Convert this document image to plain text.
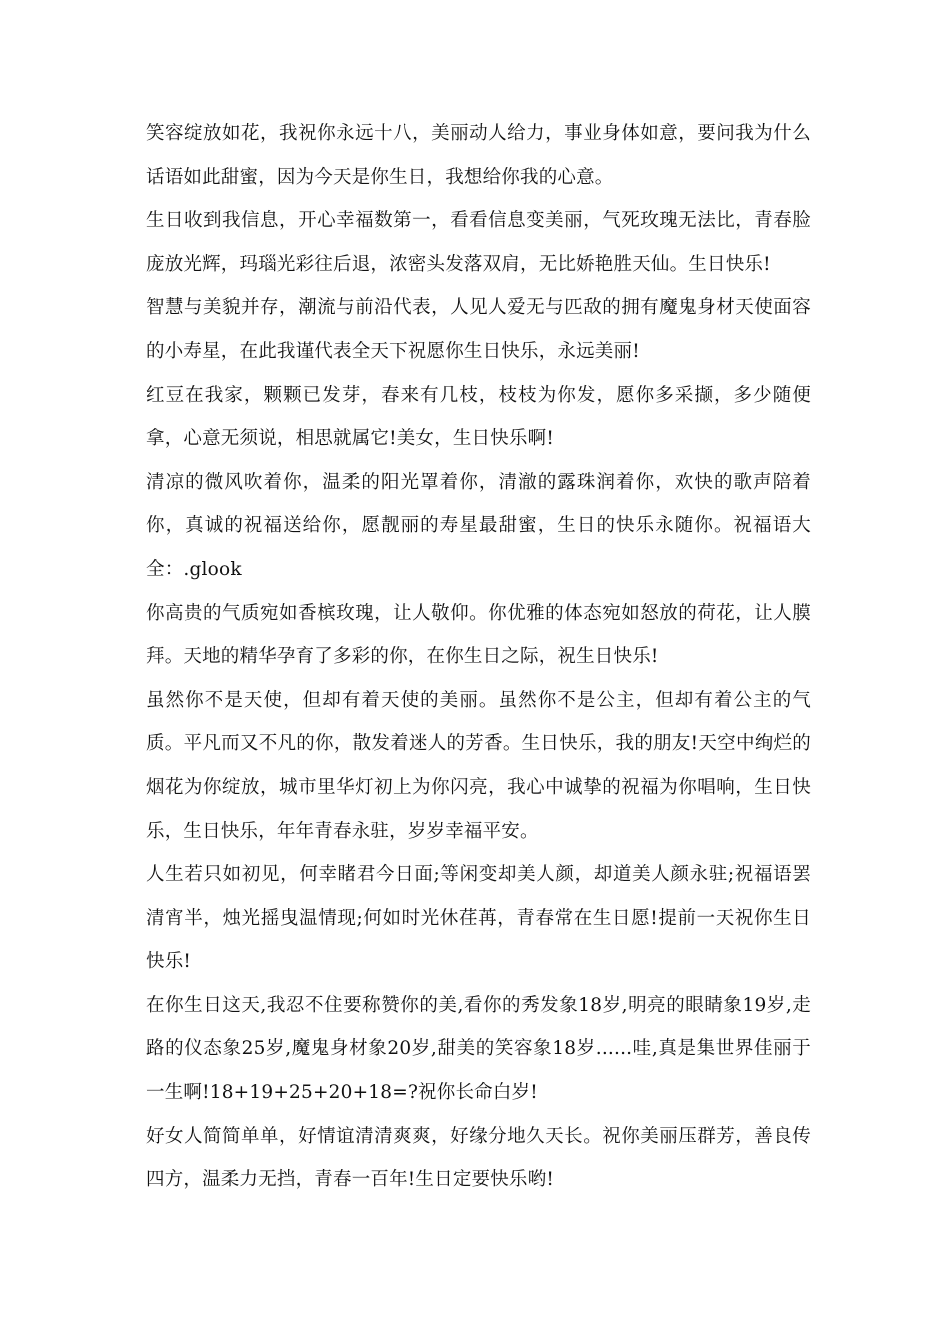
笑容绽放如花，我祝你永远十八，美丽动人给力，事业身体如意，要问我为什么话语如此甜蜜，因为今天是你生日，我想给你我的心意。

生日收到我信息，开心幸福数第一，看看信息变美丽，气死玫瑰无法比，青春脸庞放光辉，玛瑙光彩往后退，浓密头发落双肩，无比娇艳胜天仙。生日快乐!

智慧与美貌并存，潮流与前沿代表，人见人爱无与匹敌的拥有魔鬼身材天使面容的小寿星，在此我谨代表全天下祝愿你生日快乐，永远美丽!

红豆在我家，颗颗已发芽，春来有几枝，枝枝为你发，愿你多采撷，多少随便拿，心意无须说，相思就属它!美女，生日快乐啊!

清凉的微风吹着你，温柔的阳光罩着你，清澈的露珠润着你，欢快的歌声陪着你，真诚的祝福送给你，愿靓丽的寿星最甜蜜，生日的快乐永随你。祝福语大全：.glook

你高贵的气质宛如香槟玫瑰，让人敬仰。你优雅的体态宛如怒放的荷花，让人膜拜。天地的精华孕育了多彩的你，在你生日之际，祝生日快乐!

虽然你不是天使，但却有着天使的美丽。虽然你不是公主，但却有着公主的气质。平凡而又不凡的你，散发着迷人的芳香。生日快乐，我的朋友!天空中绚烂的烟花为你绽放，城市里华灯初上为你闪亮，我心中诚挚的祝福为你唱响，生日快乐，生日快乐，年年青春永驻，岁岁幸福平安。

人生若只如初见，何幸睹君今日面;等闲变却美人颜，却道美人颜永驻;祝福语罢清宵半，烛光摇曳温情现;何如时光休荏苒，青春常在生日愿!提前一天祝你生日快乐!

在你生日这天,我忍不住要称赞你的美,看你的秀发象18岁,明亮的眼睛象19岁,走路的仪态象25岁,魔鬼身材象20岁,甜美的笑容象18岁......哇,真是集世界佳丽于一生啊!18+19+25+20+18=?祝你长命白岁!

好女人简简单单，好情谊清清爽爽，好缘分地久天长。祝你美丽压群芳，善良传四方，温柔力无挡，青春一百年!生日定要快乐哟!
